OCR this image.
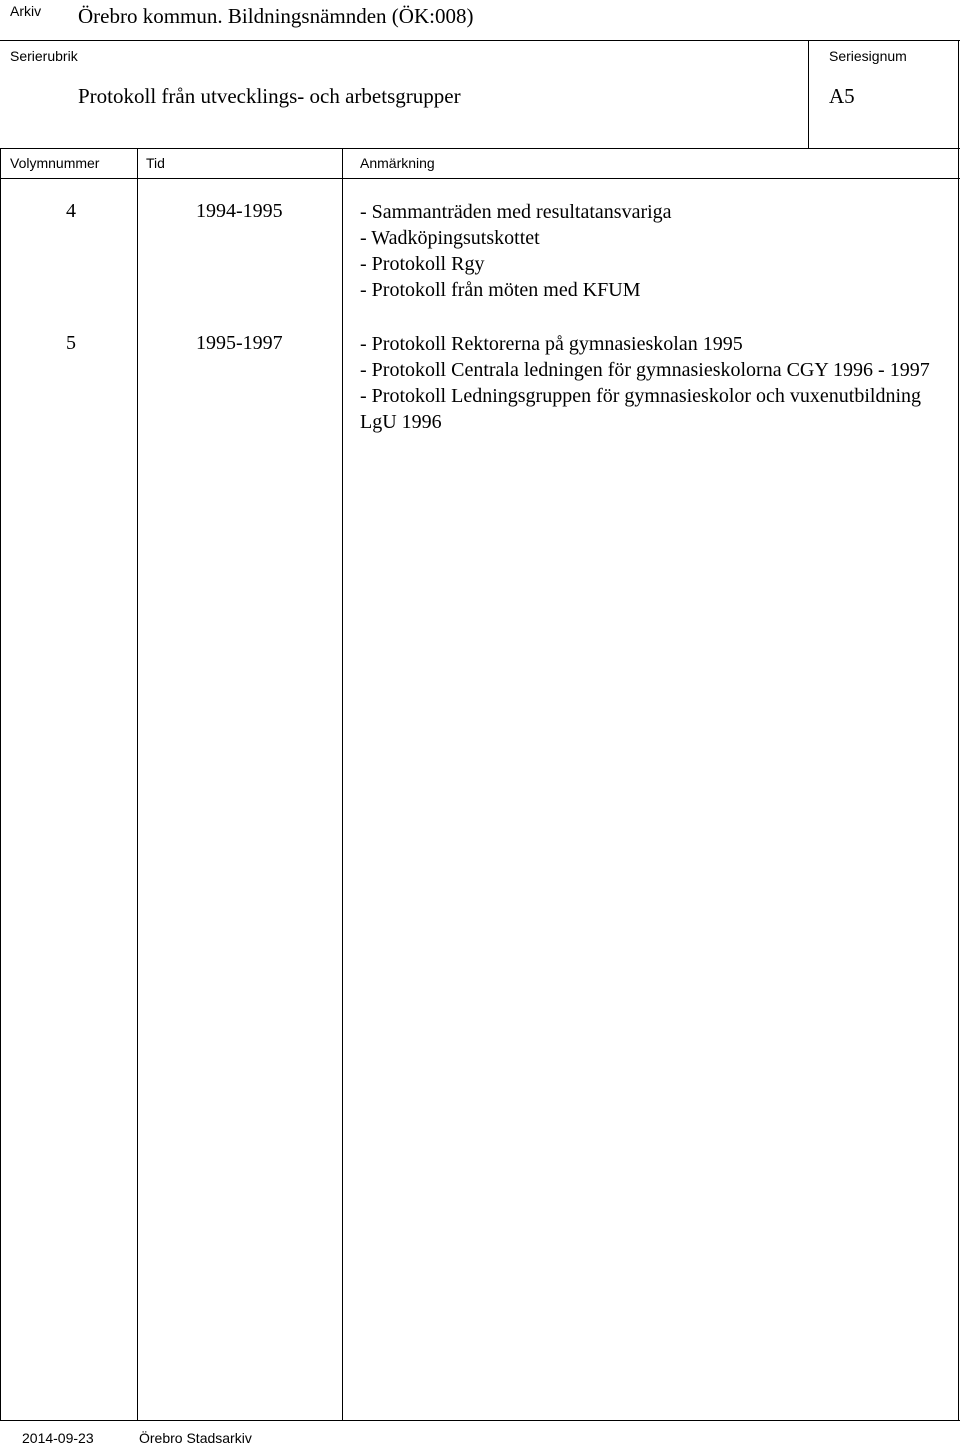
Arkiv Örebro kommun. Bildningsnämnden (ÖK:008)
Serierubrik
Protokoll från utvecklings- och arbetsgrupper
Seriesignum
A5
Volymnummer	Tid	Anmärkning
4	1994-1995	- Sammanträden med resultatansvariga
- Wadköpingsutskottet
- Protokoll Rgy
- Protokoll från möten med KFUM
5	1995-1997	- Protokoll Rektorerna på gymnasieskolan 1995
- Protokoll Centrala ledningen för gymnasieskolorna CGY 1996 - 1997
- Protokoll Ledningsgruppen för gymnasieskolor och vuxenutbildning LgU 1996
2014-09-23	Örebro Stadsarkiv
